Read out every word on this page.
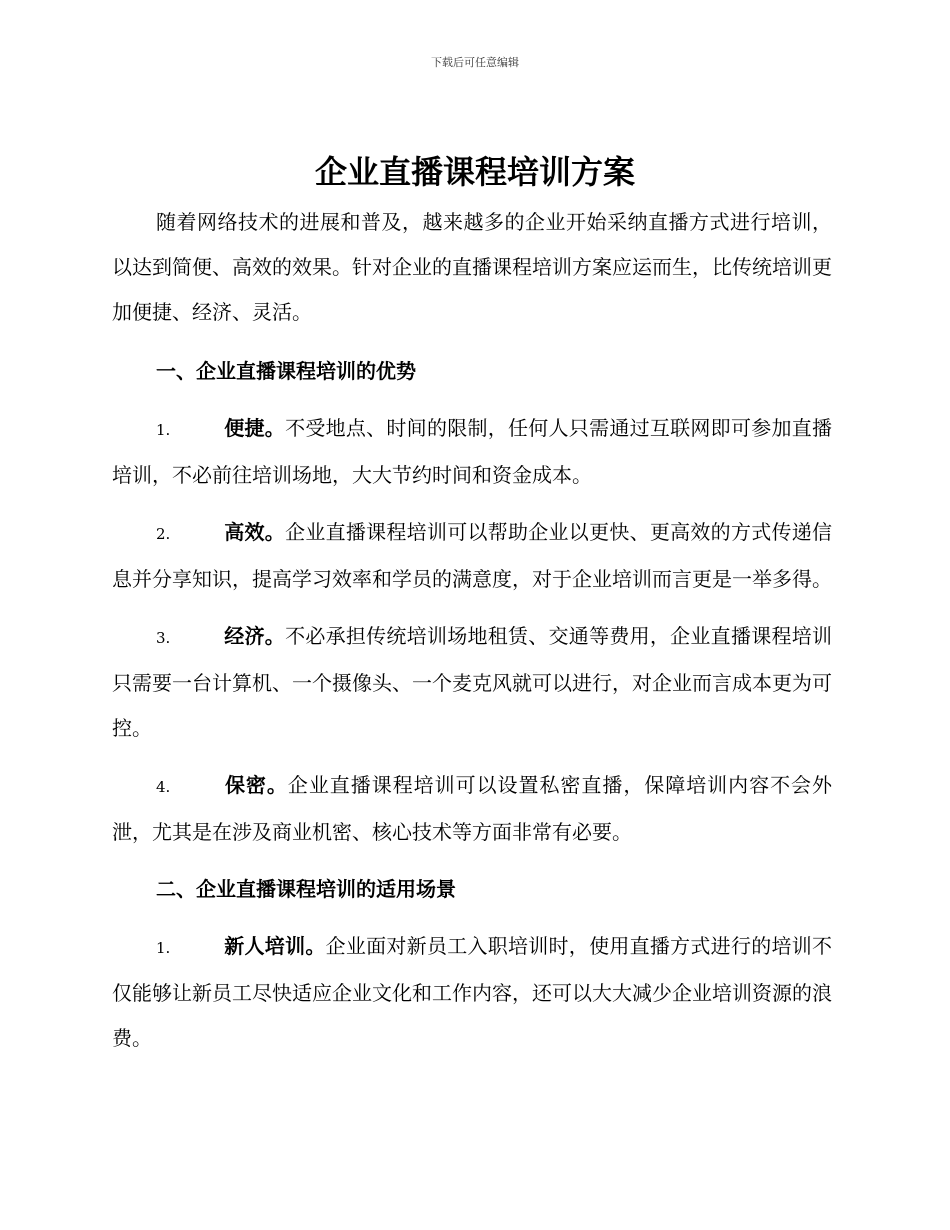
下载后可任意编辑
企业直播课程培训方案

随着网络技术的进展和普及，越来越多的企业开始采纳直播方式进行培训，以达到简便、高效的效果。针对企业的直播课程培训方案应运而生，比传统培训更加便捷、经济、灵活。

一、企业直播课程培训的优势

1.	便捷。不受地点、时间的限制，任何人只需通过互联网即可参加直播培训，不必前往培训场地，大大节约时间和资金成本。

2.	高效。企业直播课程培训可以帮助企业以更快、更高效的方式传递信息并分享知识，提高学习效率和学员的满意度，对于企业培训而言更是一举多得。

3.	经济。不必承担传统培训场地租赁、交通等费用，企业直播课程培训只需要一台计算机、一个摄像头、一个麦克风就可以进行，对企业而言成本更为可控。

4.	保密。企业直播课程培训可以设置私密直播，保障培训内容不会外泄，尤其是在涉及商业机密、核心技术等方面非常有必要。

二、企业直播课程培训的适用场景

1.	新人培训。企业面对新员工入职培训时，使用直播方式进行的培训不仅能够让新员工尽快适应企业文化和工作内容，还可以大大减少企业培训资源的浪费。
